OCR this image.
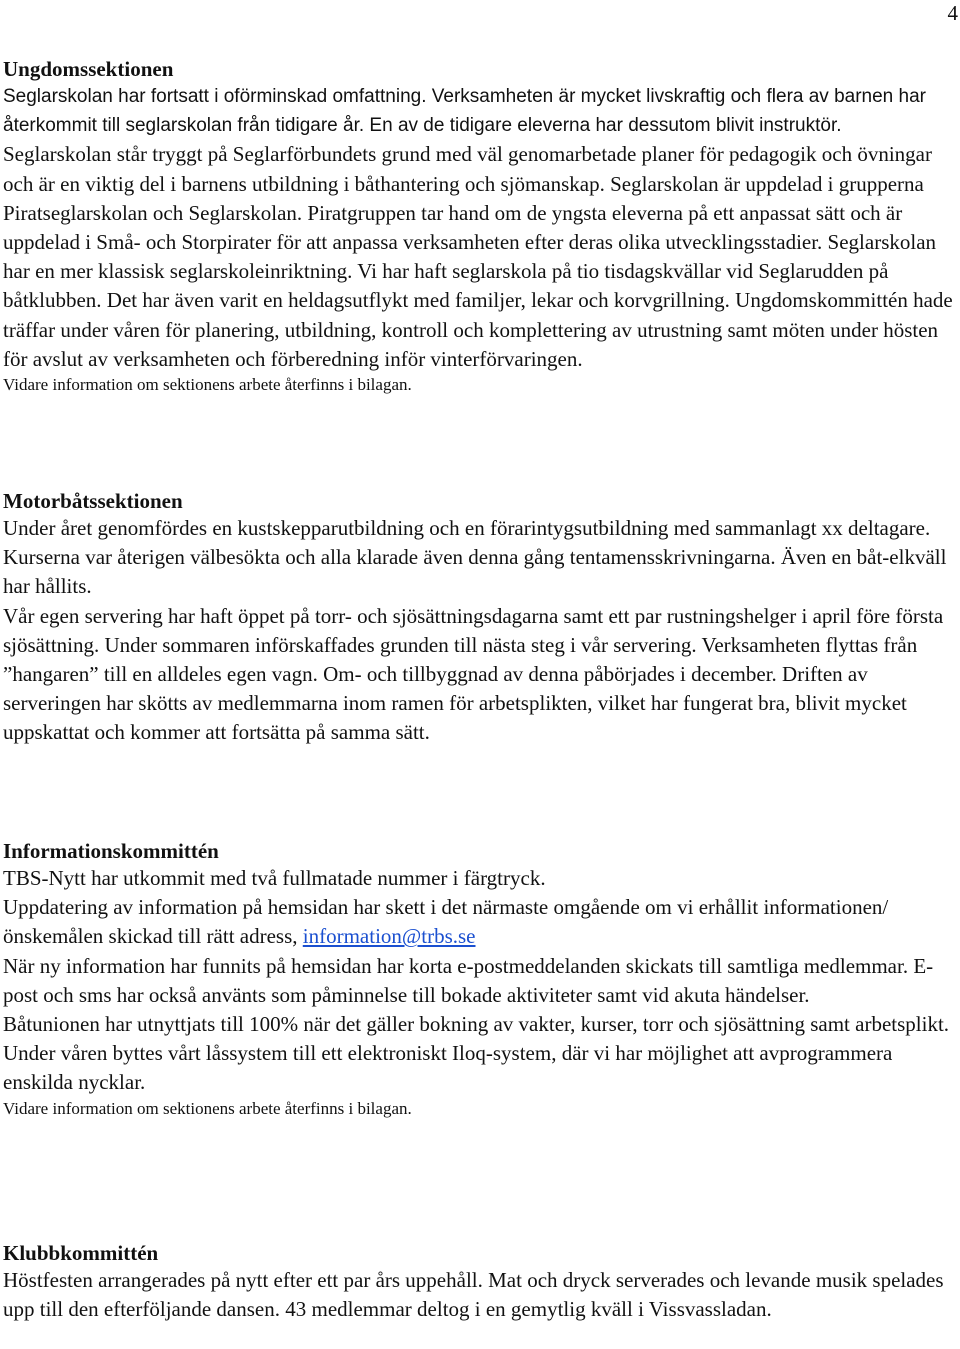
4
Ungdomssektionen

Seglarskolan har fortsatt i oförminskad omfattning. Verksamheten är mycket livskraftig och flera av barnen har återkommit till seglarskolan från tidigare år. En av de tidigare eleverna har dessutom blivit instruktör.

Seglarskolan står tryggt på Seglarförbundets grund med väl genomarbetade planer för pedagogik och övningar och är en viktig del i barnens utbildning i båthantering och sjömanskap. Seglarskolan är uppdelad i grupperna Piratseglarskolan och Seglarskolan. Piratgruppen tar hand om de yngsta eleverna på ett anpassat sätt och är uppdelad i Små- och Storpirater för att anpassa verksamheten efter deras olika utvecklingsstadier. Seglarskolan har en mer klassisk seglarskoleinriktning. Vi har haft seglarskola på tio tisdagskvällar vid Seglarudden på båtklubben. Det har även varit en heldagsutflykt med familjer, lekar och korvgrillning. Ungdomskommittén hade träffar under våren för planering, utbildning, kontroll och komplettering av utrustning samt möten under hösten för avslut av verksamheten och förberedning inför vinterförvaringen.

Vidare information om sektionens arbete återfinns i bilagan.

Motorbåtssektionen

Under året genomfördes en kustskepparutbildning och en förarintygsutbildning med sammanlagt xx deltagare. Kurserna var återigen välbesökta och alla klarade även denna gång tentamensskrivningarna. Även en båt-elkväll har hållits.

Vår egen servering har haft öppet på torr- och sjösättningsdagarna samt ett par rustningshelger i april före första sjösättning. Under sommaren införskaffades grunden till nästa steg i vår servering. Verksamheten flyttas från ”hangaren” till en alldeles egen vagn. Om- och tillbyggnad av denna påbörjades i december. Driften av serveringen har skötts av medlemmarna inom ramen för arbetsplikten, vilket har fungerat bra, blivit mycket uppskattat och kommer att fortsätta på samma sätt.

Informationskommittén

TBS-Nytt har utkommit med två fullmatade nummer i färgtryck.

Uppdatering av information på hemsidan har skett i det närmaste omgående om vi erhållit informationen/önskemålen skickad till rätt adress, information@trbs.se

När ny information har funnits på hemsidan har korta e-postmeddelanden skickats till samtliga medlemmar. E-post och sms har också använts som påminnelse till bokade aktiviteter samt vid akuta händelser.

Båtunionen har utnyttjats till 100% när det gäller bokning av vakter, kurser, torr och sjösättning samt arbetsplikt.

Under våren byttes vårt låssystem till ett elektroniskt Iloq-system, där vi har möjlighet att avprogrammera enskilda nycklar.

Vidare information om sektionens arbete återfinns i bilagan.

Klubbkommittén

Höstfesten arrangerades på nytt efter ett par års uppehåll. Mat och dryck serverades och levande musik spelades upp till den efterföljande dansen. 43 medlemmar deltog i en gemytlig kväll i Vissvassladan.
